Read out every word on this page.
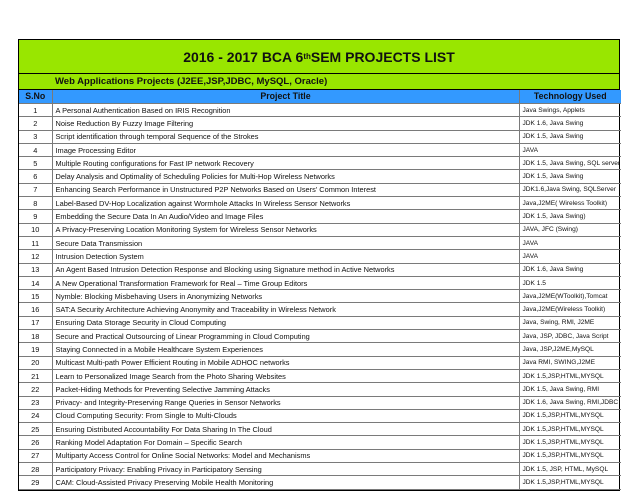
2016 - 2017 BCA 6 th SEM PROJECTS LIST
Web Applications Projects (J2EE,JSP,JDBC, MySQL, Oracle)
S.No	Project Title	Technology Used
1	A Personal Authentication Based on IRIS Recognition	Java Swings, Applets
2	Noise Reduction By Fuzzy Image Filtering	JDK 1.6, Java Swing
3	Script identification through temporal Sequence of the Strokes	JDK 1.5, Java Swing
4	Image Processing Editor	JAVA
5	Multiple Routing configurations for Fast IP network Recovery	JDK 1.5, Java Swing, SQL server
6	Delay Analysis and Optimality of Scheduling Policies for Multi-Hop Wireless Networks	JDK 1.5, Java Swing
7	Enhancing Search Performance in Unstructured P2P Networks Based on Users' Common Interest	JDK1.6,Java Swing, SQLServer
8	Label-Based DV-Hop Localization against Wormhole Attacks In Wireless Sensor Networks	Java,J2ME( Wireless Toolkit)
9	Embedding the Secure Data In An Audio/Video and Image Files	JDK 1.5, Java Swing)
10	A Privacy-Preserving Location Monitoring System for Wireless Sensor Networks	JAVA, JFC (Swing)
11	Secure Data Transmission	JAVA
12	Intrusion Detection System	JAVA
13	An Agent Based Intrusion Detection Response and Blocking using Signature method in Active Networks	JDK 1.6, Java Swing
14	A New Operational Transformation Framework for Real – Time Group Editors	JDK 1.5
15	Nymble: Blocking Misbehaving Users in Anonymizing Networks	Java,J2ME(WToolkit),Tomcat
16	SAT:A Security Architecture Achieving Anonymity and Traceability in Wireless Network	Java,J2ME(Wireless Toolkit)
17	Ensuring Data Storage Security in Cloud Computing	Java, Swing, RMI, J2ME
18	Secure and Practical Outsourcing of Linear Programming in Cloud Computing	Java, JSP, JDBC, Java Script
19	Staying Connected in a Mobile Healthcare System Experiences	Java, JSP,J2ME,MySQL
20	Multicast Multi-path Power Efficient Routing in Mobile ADHOC networks	Java RMI, SWING,J2ME
21	Learn to Personalized Image Search from the Photo Sharing Websites	JDK 1.5,JSP,HTML,MYSQL
22	Packet-Hiding Methods for Preventing Selective Jamming Attacks	JDK 1.5, Java Swing, RMI
23	Privacy- and Integrity-Preserving Range Queries in Sensor Networks	JDK 1.6, Java Swing, RMI,JDBC
24	Cloud Computing Security: From Single to Multi-Clouds	JDK 1.5,JSP,HTML,MYSQL
25	Ensuring Distributed Accountability For Data Sharing In The Cloud	JDK 1.5,JSP,HTML,MYSQL
26	Ranking Model Adaptation For Domain – Specific Search	JDK 1.5,JSP,HTML,MYSQL
27	Multiparty Access Control for Online Social Networks: Model and Mechanisms	JDK 1.5,JSP,HTML,MYSQL
28	Participatory Privacy: Enabling Privacy in Participatory Sensing	JDK 1.5, JSP, HTML, MySQL
29	CAM: Cloud-Assisted Privacy Preserving Mobile Health Monitoring	JDK 1.5,JSP,HTML,MYSQL
